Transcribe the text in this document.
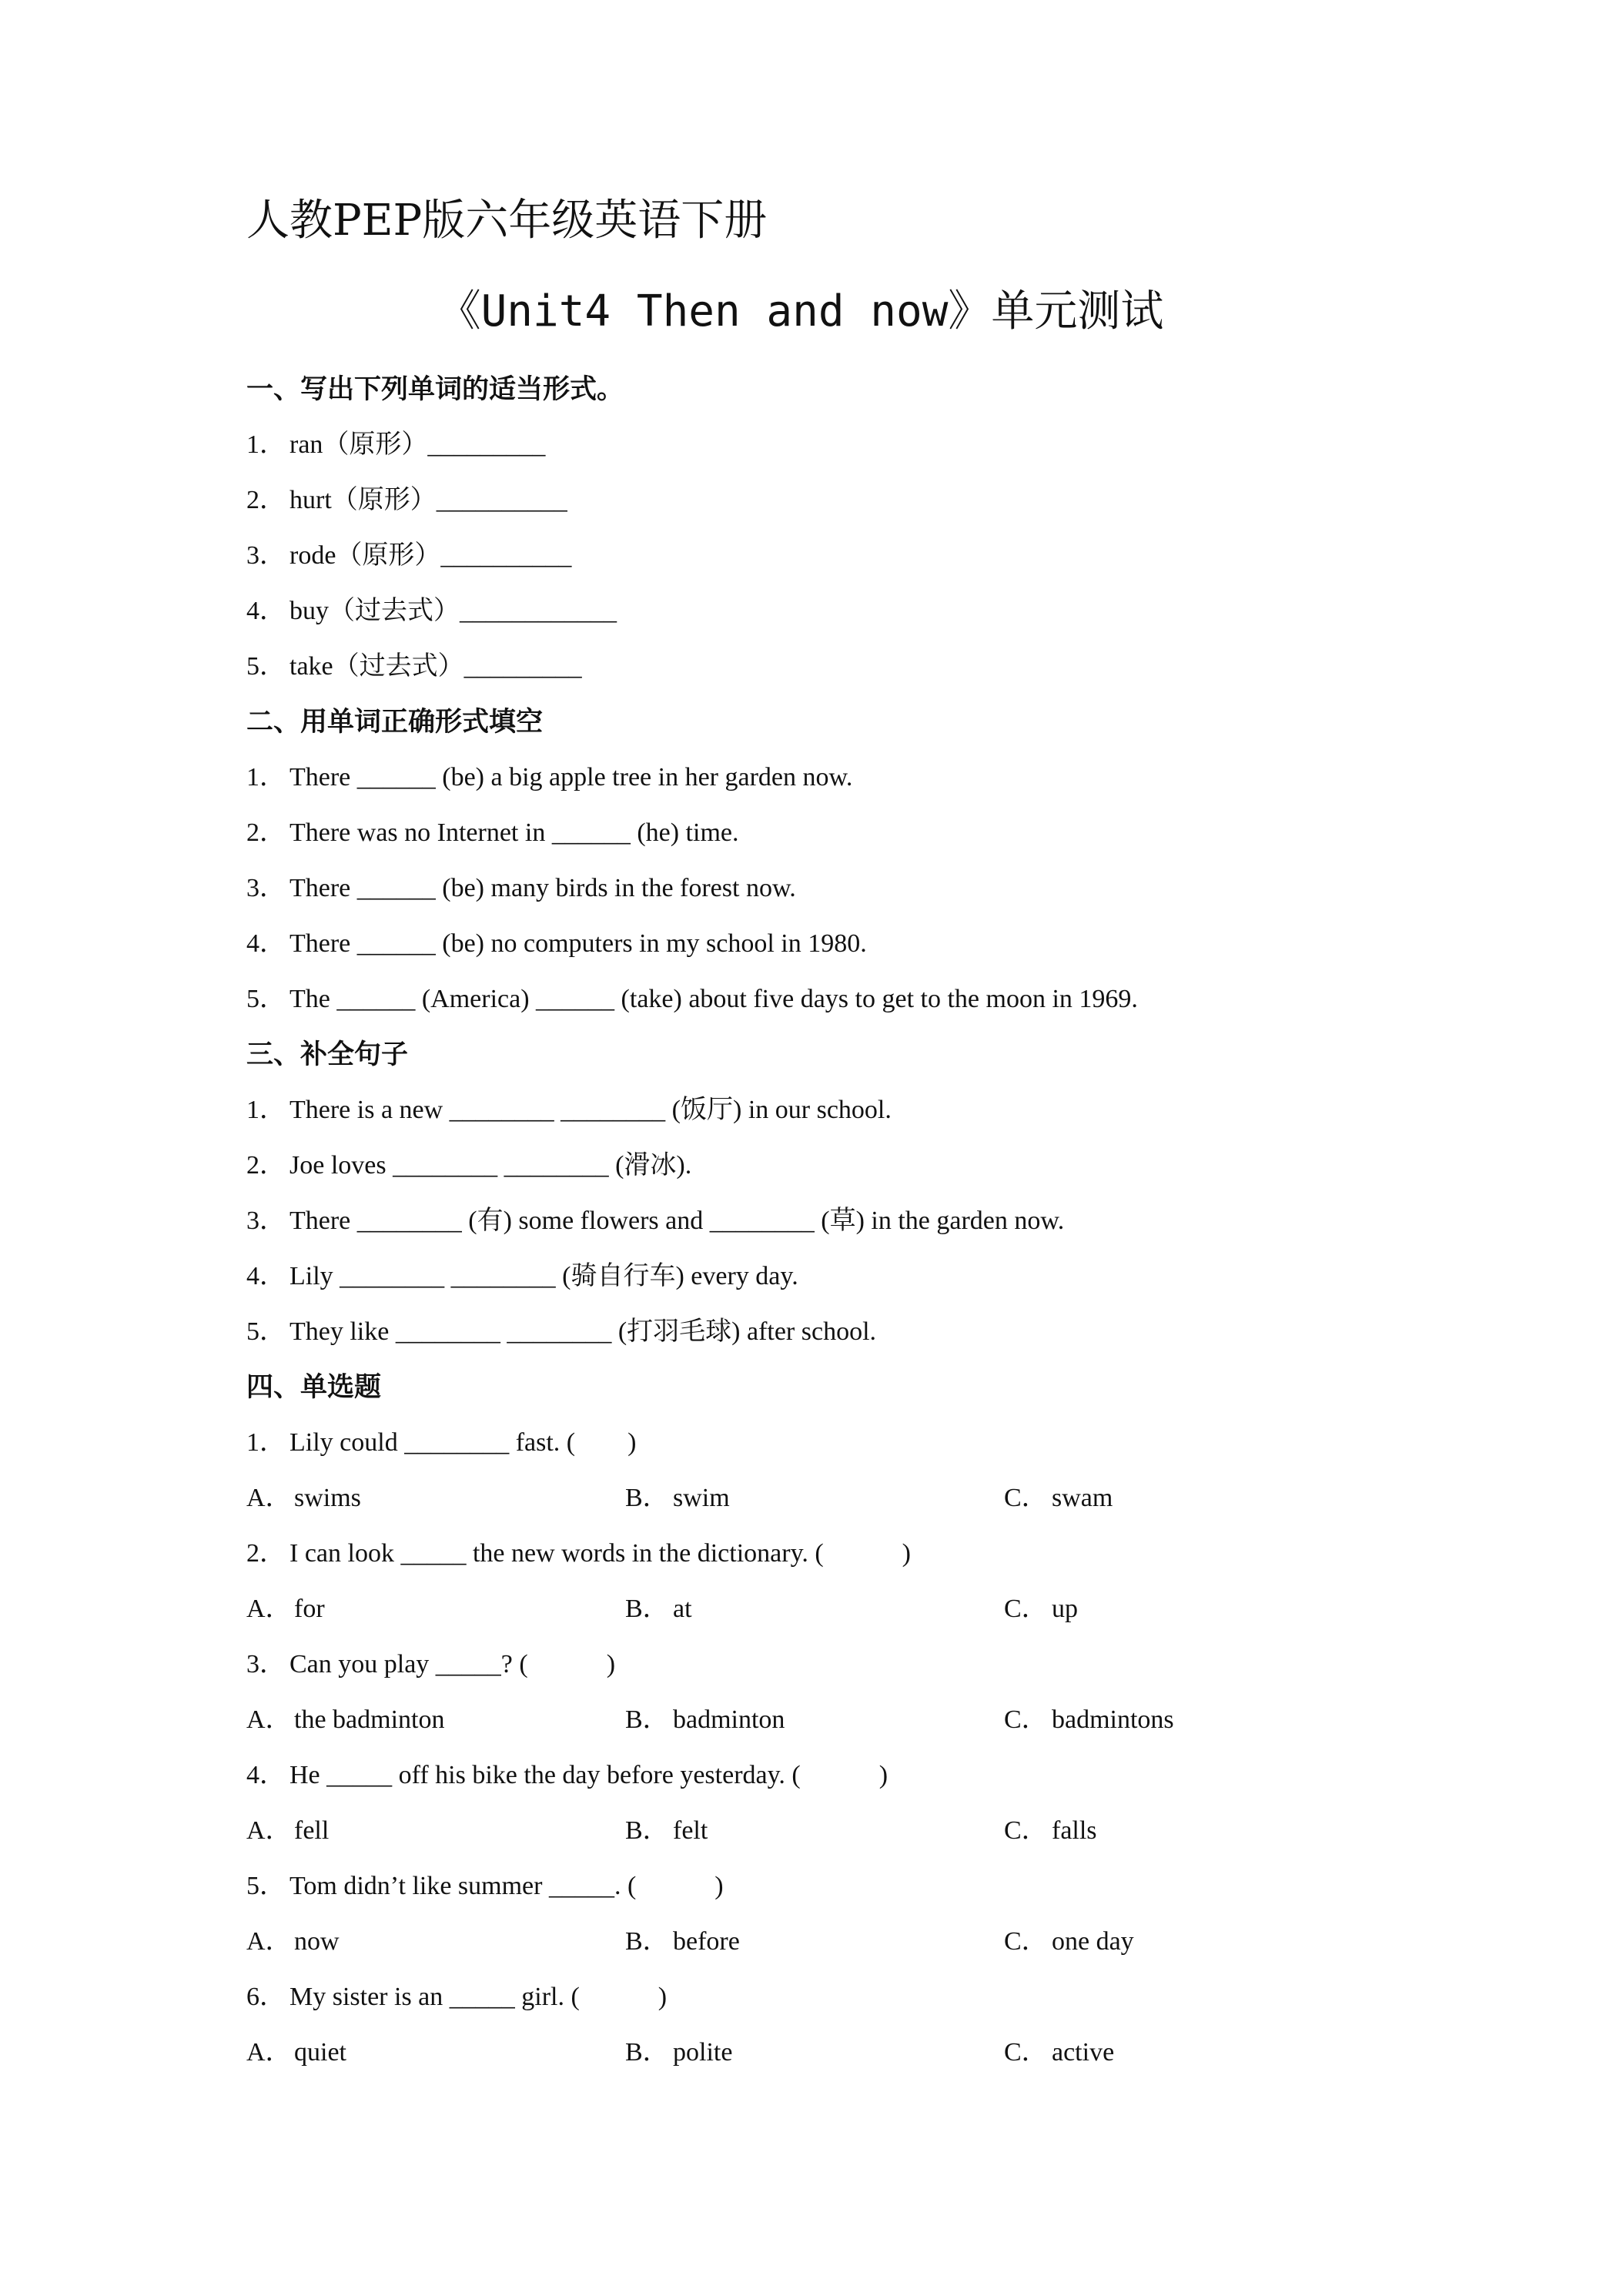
人教PEP版六年级英语下册
《Unit4 Then and now》单元测试
一、写出下列单词的适当形式。
1． ran（原形）_________
2． hurt（原形）__________
3． rode（原形）__________
4． buy（过去式）____________
5． take（过去式）_________
二、用单词正确形式填空
1． There ______ (be) a big apple tree in her garden now.
2． There was no Internet in ______ (he) time.
3． There ______ (be) many birds in the forest now.
4． There ______ (be) no computers in my school in 1980.
5． The ______ (America) ______ (take) about five days to get to the moon in 1969.
三、补全句子
1． There is a new ________ ________ (饭厅) in our school.
2． Joe loves ________ ________ (滑冰).
3． There ________ (有) some flowers and ________ (草) in the garden now.
4． Lily ________ ________ (骑自行车) every day.
5． They like ________ ________ (打羽毛球) after school.
四、单选题
1． Lily could ________ fast. (　　)
A． swims	B． swim	C． swam
2． I can look _____ the new words in the dictionary. (　　　)
A． for	B． at	C． up
3． Can you play _____? (　　　)
A． the badminton	B． badminton	C． badmintons
4． He _____ off his bike the day before yesterday. (　　　)
A． fell	B． felt	C． falls
5． Tom didn’t like summer _____. (　　　)
A． now	B． before	C． one day
6． My sister is an _____ girl. (　　　)
A． quiet	B． polite	C． active
